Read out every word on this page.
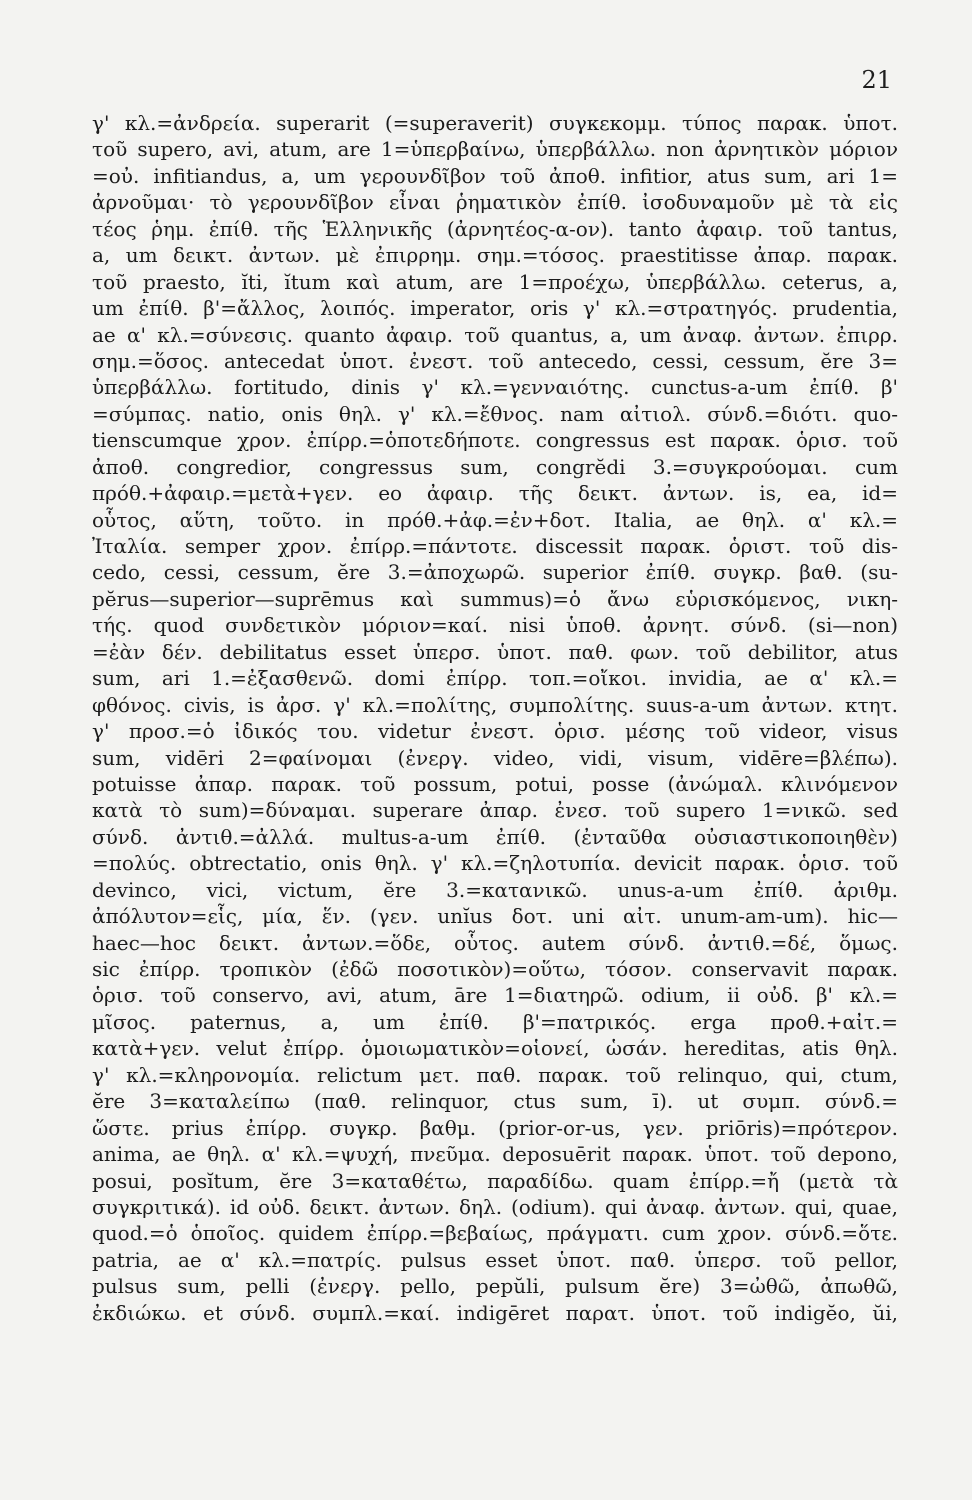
21
γ' κλ.=ἀνδρεία. superarit (=superaverit) συγκεκομμ. τύπος παρακ. ὑποτ.
τοῦ supero, avi, atum, are 1=ὑπερβαίνω, ὑπερβάλλω. non ἀρνητικὸν μόριον
=οὐ. infitiandus, a, um γερουνδῖβον τοῦ ἀποθ. infitior, atus sum, ari 1=
ἀρνοῦμαι· τὸ γερουνδῖβον εἶναι ῥηματικὸν ἐπίθ. ἰσοδυναμοῦν μὲ τὰ εἰς
τέος ῥημ. ἐπίθ. τῆς Ἑλληνικῆς (ἀρνητέος-α-ον). tanto ἀφαιρ. τοῦ tantus,
a, um δεικτ. ἀντων. μὲ ἐπιρρημ. σημ.=τόσος. praestitisse ἀπαρ. παρακ.
τοῦ praesto, ĭti, ĭtum καὶ atum, are 1=προέχω, ὑπερβάλλω. ceterus, a,
um ἐπίθ. β'=ἄλλος, λοιπός. imperator, oris γ' κλ.=στρατηγός. prudentia,
ae α' κλ.=σύνεσις. quanto ἀφαιρ. τοῦ quantus, a, um ἀναφ. ἀντων. ἐπιρρ.
σημ.=ὅσος. antecedat ὑποτ. ἐνεστ. τοῦ antecedo, cessi, cessum, ĕre 3=
ὑπερβάλλω. fortitudo, dinis γ' κλ.=γενναιότης. cunctus-a-um ἐπίθ. β'
=σύμπας. natio, onis θηλ. γ' κλ.=ἔθνος. nam αἰτιολ. σύνδ.=διότι. quo-
tienscumque χρον. ἐπίρρ.=ὁποτεδήποτε. congressus est παρακ. ὁρισ. τοῦ
ἀποθ. congredior, congressus sum, congrĕdi 3.=συγκρούομαι. cum
πρόθ.+ἀφαιρ.=μετὰ+γεν. eo ἀφαιρ. τῆς δεικτ. ἀντων. is, ea, id=
οὗτος, αὕτη, τοῦτο. in πρόθ.+ἀφ.=ἐν+δοτ. Italia, ae θηλ. α' κλ.=
Ἰταλία. semper χρον. ἐπίρρ.=πάντοτε. discessit παρακ. ὁριστ. τοῦ dis-
cedo, cessi, cessum, ĕre 3.=ἀποχωρῶ. superior ἐπίθ. συγκρ. βαθ. (su-
pĕrus—superior—suprēmus καὶ summus)=ὁ ἄνω εὑρισκόμενος, νικη-
τής. quod συνδετικὸν μόριον=καί. nisi ὑποθ. ἀρνητ. σύνδ. (si—non)
=ἐὰν δέν. debilitatus esset ὑπερσ. ὑποτ. παθ. φων. τοῦ debilitor, atus
sum, ari 1.=ἐξασθενῶ. domi ἐπίρρ. τοπ.=οἴκοι. invidia, ae α' κλ.=
φθόνος. civis, is ἀρσ. γ' κλ.=πολίτης, συμπολίτης. suus-a-um ἀντων. κτητ.
γ' προσ.=ὁ ἰδικός του. videtur ἐνεστ. ὁρισ. μέσης τοῦ videor, visus
sum, vidēri 2=φαίνομαι (ἐνεργ. video, vidi, visum, vidēre=βλέπω).
potuisse ἀπαρ. παρακ. τοῦ possum, potui, posse (ἀνώμαλ. κλινόμενον
κατὰ τὸ sum)=δύναμαι. superare ἀπαρ. ἐνεσ. τοῦ supero 1=νικῶ. sed
σύνδ. ἀντιθ.=ἀλλά. multus-a-um ἐπίθ. (ἐνταῦθα οὐσιαστικοποιηθὲν)
=πολύς. obtrectatio, onis θηλ. γ' κλ.=ζηλοτυπία. devicit παρακ. ὁρισ. τοῦ
devinco, vici, victum, ĕre 3.=κατανικῶ. unus-a-um ἐπίθ. ἀριθμ.
ἀπόλυτον=εἷς, μία, ἕν. (γεν. unĭus δοτ. uni αἰτ. unum-am-um). hic—
haec—hoc δεικτ. ἀντων.=ὅδε, οὗτος. autem σύνδ. ἀντιθ.=δέ, ὅμως.
sic ἐπίρρ. τροπικὸν (ἐδῶ ποσοτικὸν)=οὕτω, τόσον. conservavit παρακ.
ὁρισ. τοῦ conservo, avi, atum, āre 1=διατηρῶ. odium, ii οὐδ. β' κλ.=
μῖσος. paternus, a, um ἐπίθ. β'=πατρικός. erga προθ.+αἰτ.=
κατὰ+γεν. velut ἐπίρρ. ὁμοιωματικὸν=οἱονεί, ὡσάν. hereditas, atis θηλ.
γ' κλ.=κληρονομία. relictum μετ. παθ. παρακ. τοῦ relinquo, qui, ctum,
ĕre 3=καταλείπω (παθ. relinquor, ctus sum, ī). ut συμπ. σύνδ.=
ὥστε. prius ἐπίρρ. συγκρ. βαθμ. (prior-or-us, γεν. priōris)=πρότερον.
anima, ae θηλ. α' κλ.=ψυχή, πνεῦμα. deposuērit παρακ. ὑποτ. τοῦ depono,
posui, posĭtum, ĕre 3=καταθέτω, παραδίδω. quam ἐπίρρ.=ἤ (μετὰ τὰ
συγκριτικά). id οὐδ. δεικτ. ἀντων. δηλ. (odium). qui ἀναφ. ἀντων. qui, quae,
quod.=ὁ ὁποῖος. quidem ἐπίρρ.=βεβαίως, πράγματι. cum χρον. σύνδ.=ὅτε.
patria, ae α' κλ.=πατρίς. pulsus esset ὑποτ. παθ. ὑπερσ. τοῦ pellor,
pulsus sum, pelli (ἐνεργ. pello, pepŭli, pulsum ĕre) 3=ὠθῶ, ἀπωθῶ,
ἐκδιώκω. et σύνδ. συμπλ.=καί. indigēret παρατ. ὑποτ. τοῦ indigĕo, ŭi,
